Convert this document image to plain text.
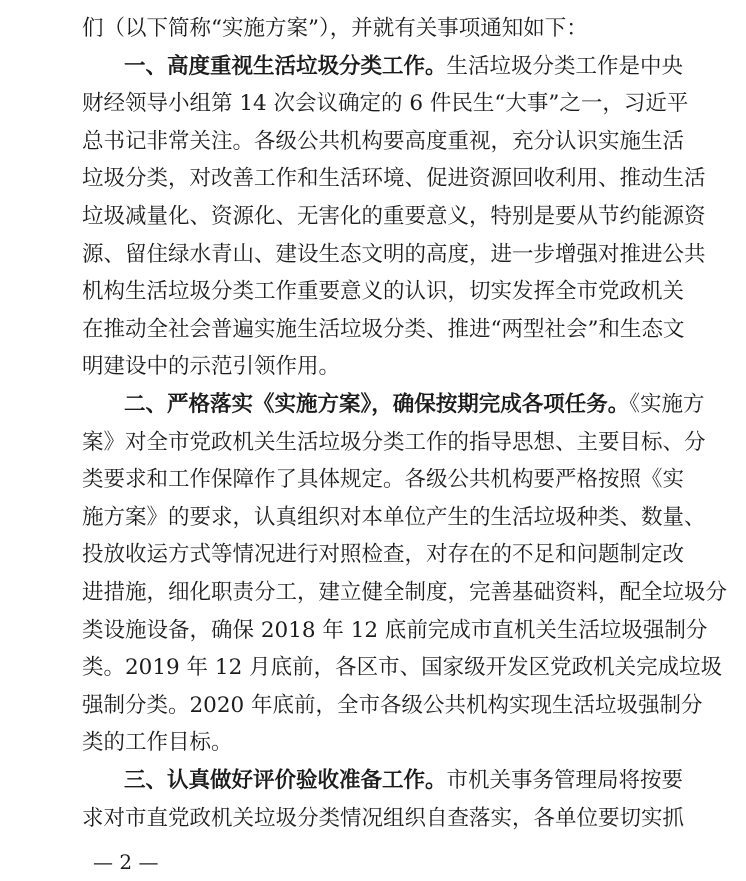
们（以下简称“实施方案”），并就有关事项通知如下：
一、高度重视生活垃圾分类工作。生活垃圾分类工作是中央
财经领导小组第 14 次会议确定的 6 件民生“大事”之一，习近平
总书记非常关注。各级公共机构要高度重视，充分认识实施生活
垃圾分类，对改善工作和生活环境、促进资源回收利用、推动生活
垃圾减量化、资源化、无害化的重要意义，特别是要从节约能源资
源、留住绿水青山、建设生态文明的高度，进一步增强对推进公共
机构生活垃圾分类工作重要意义的认识，切实发挥全市党政机关
在推动全社会普遍实施生活垃圾分类、推进“两型社会”和生态文
明建设中的示范引领作用。
二、严格落实《实施方案》，确保按期完成各项任务。《实施方
案》对全市党政机关生活垃圾分类工作的指导思想、主要目标、分
类要求和工作保障作了具体规定。各级公共机构要严格按照《实
施方案》的要求，认真组织对本单位产生的生活垃圾种类、数量、
投放收运方式等情况进行对照检查，对存在的不足和问题制定改
进措施，细化职责分工，建立健全制度，完善基础资料，配全垃圾分
类设施设备，确保 2018 年 12 底前完成市直机关生活垃圾强制分
类。2019 年 12 月底前，各区市、国家级开发区党政机关完成垃圾
强制分类。2020 年底前，全市各级公共机构实现生活垃圾强制分
类的工作目标。
三、认真做好评价验收准备工作。市机关事务管理局将按要
求对市直党政机关垃圾分类情况组织自查落实，各单位要切实抓
— 2 —
